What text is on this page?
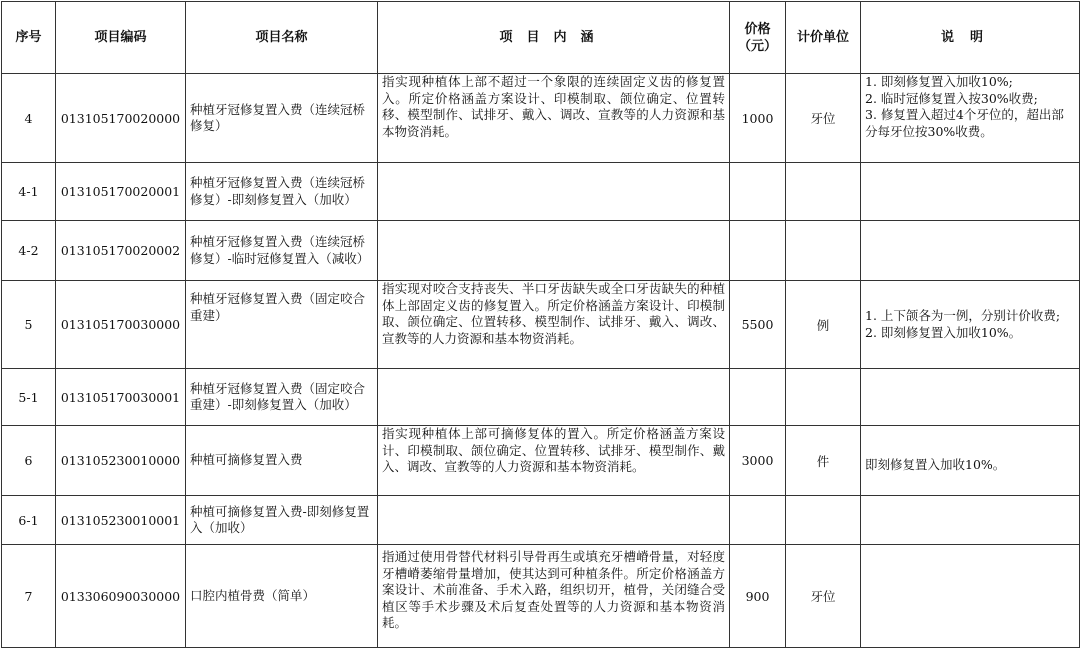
序号	项目编码	项目名称	项目内涵	价格（元）	计价单位	说明
4	013105170020000	种植牙冠修复置入费（连续冠桥修复）	指实现种植体上部不超过一个象限的连续固定义齿的修复置入。所定价格涵盖方案设计、印模制取、颌位确定、位置转移、模型制作、试排牙、戴入、调改、宣教等的人力资源和基本物资消耗。	1000	牙位	1. 即刻修复置入加收10%;
2. 临时冠修复置入按30%收费;
3. 修复置入超过4个牙位的，超出部分每牙位按30%收费。

4-1	013105170020001	种植牙冠修复置入费（连续冠桥修复）-即刻修复置入（加收）				
4-2	013105170020002	种植牙冠修复置入费（连续冠桥修复）-临时冠修复置入（减收）				
5	013105170030000	种植牙冠修复置入费（固定咬合重建）	指实现对咬合支持丧失、半口牙齿缺失或全口牙齿缺失的种植体上部固定义齿的修复置入。所定价格涵盖方案设计、印模制取、颌位确定、位置转移、模型制作、试排牙、戴入、调改、宣教等的人力资源和基本物资消耗。	5500	例	1. 上下颌各为一例，分别计价收费;
2. 即刻修复置入加收10%。

5-1	013105170030001	种植牙冠修复置入费（固定咬合重建）-即刻修复置入（加收）				
6	013105230010000	种植可摘修复置入费	指实现种植体上部可摘修复体的置入。所定价格涵盖方案设计、印模制取、颌位确定、位置转移、试排牙、模型制作、戴入、调改、宣教等的人力资源和基本物资消耗。	3000	件	即刻修复置入加收10%。

6-1	013105230010001	种植可摘修复置入费-即刻修复置入（加收）				
7	013306090030000	口腔内植骨费（简单）	指通过使用骨替代材料引导骨再生或填充牙槽嵴骨量，对轻度牙槽嵴萎缩骨量增加，使其达到可种植条件。所定价格涵盖方案设计、术前准备、手术入路，组织切开，植骨，关闭缝合受植区等手术步骤及术后复查处置等的人力资源和基本物资消耗。	900	牙位	
